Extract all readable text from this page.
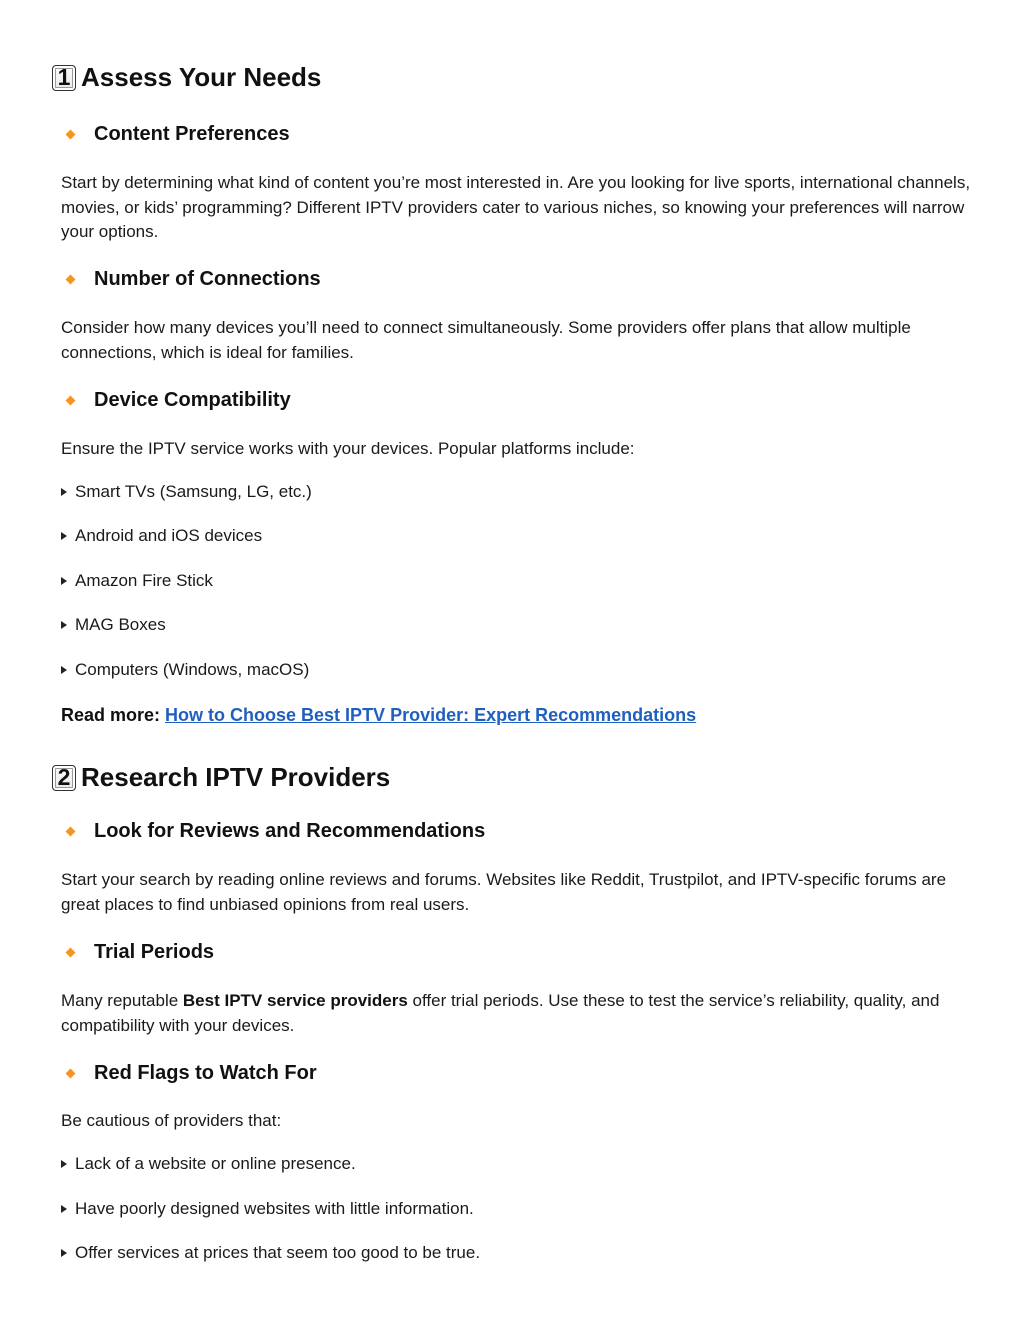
1 Assess Your Needs
Content Preferences
Start by determining what kind of content you’re most interested in. Are you looking for live sports, international channels, movies, or kids’ programming? Different IPTV providers cater to various niches, so knowing your preferences will narrow your options.
Number of Connections
Consider how many devices you’ll need to connect simultaneously. Some providers offer plans that allow multiple connections, which is ideal for families.
Device Compatibility
Ensure the IPTV service works with your devices. Popular platforms include:
Smart TVs (Samsung, LG, etc.)
Android and iOS devices
Amazon Fire Stick
MAG Boxes
Computers (Windows, macOS)
Read more: How to Choose Best IPTV Provider: Expert Recommendations
2 Research IPTV Providers
Look for Reviews and Recommendations
Start your search by reading online reviews and forums. Websites like Reddit, Trustpilot, and IPTV-specific forums are great places to find unbiased opinions from real users.
Trial Periods
Many reputable Best IPTV service providers offer trial periods. Use these to test the service’s reliability, quality, and compatibility with your devices.
Red Flags to Watch For
Be cautious of providers that:
Lack of a website or online presence.
Have poorly designed websites with little information.
Offer services at prices that seem too good to be true.
